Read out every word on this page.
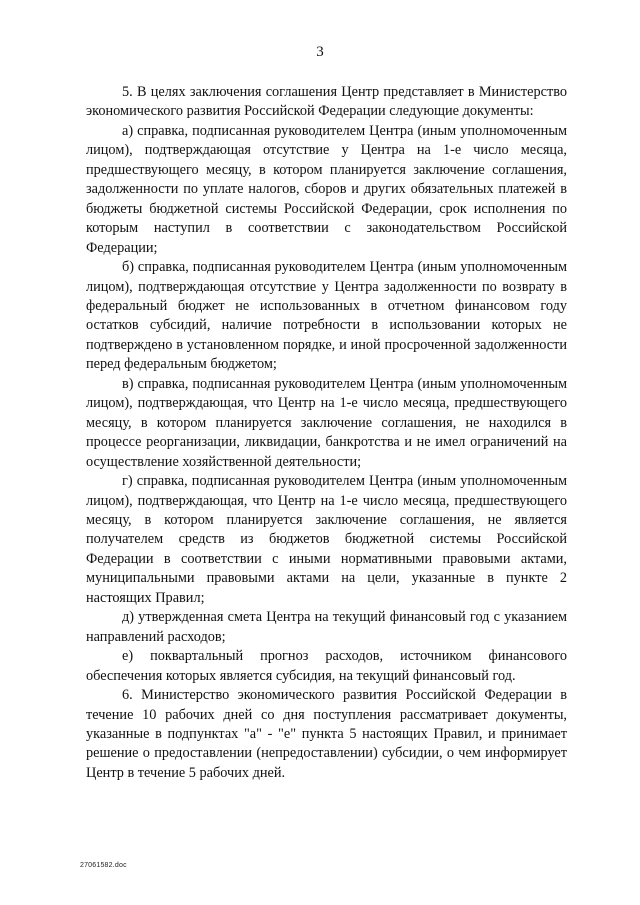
3

5. В целях заключения соглашения Центр представляет в Министерство экономического развития Российской Федерации следующие документы:

а) справка, подписанная руководителем Центра (иным уполномоченным лицом), подтверждающая отсутствие у Центра на 1-е число месяца, предшествующего месяцу, в котором планируется заключение соглашения, задолженности по уплате налогов, сборов и других обязательных платежей в бюджеты бюджетной системы Российской Федерации, срок исполнения по которым наступил в соответствии с законодательством Российской Федерации;

б) справка, подписанная руководителем Центра (иным уполномоченным лицом), подтверждающая отсутствие у Центра задолженности по возврату в федеральный бюджет не использованных в отчетном финансовом году остатков субсидий, наличие потребности в использовании которых не подтверждено в установленном порядке, и иной просроченной задолженности перед федеральным бюджетом;

в) справка, подписанная руководителем Центра (иным уполномоченным лицом), подтверждающая, что Центр на 1-е число месяца, предшествующего месяцу, в котором планируется заключение соглашения, не находился в процессе реорганизации, ликвидации, банкротства и не имел ограничений на осуществление хозяйственной деятельности;

г) справка, подписанная руководителем Центра (иным уполномоченным лицом), подтверждающая, что Центр на 1-е число месяца, предшествующего месяцу, в котором планируется заключение соглашения, не является получателем средств из бюджетов бюджетной системы Российской Федерации в соответствии с иными нормативными правовыми актами, муниципальными правовыми актами на цели, указанные в пункте 2 настоящих Правил;

д) утвержденная смета Центра на текущий финансовый год с указанием направлений расходов;

е) поквартальный прогноз расходов, источником финансового обеспечения которых является субсидия, на текущий финансовый год.

6. Министерство экономического развития Российской Федерации в течение 10 рабочих дней со дня поступления рассматривает документы, указанные в подпунктах "а" - "е" пункта 5 настоящих Правил, и принимает решение о предоставлении (непредоставлении) субсидии, о чем информирует Центр в течение 5 рабочих дней.

27061582.doc
